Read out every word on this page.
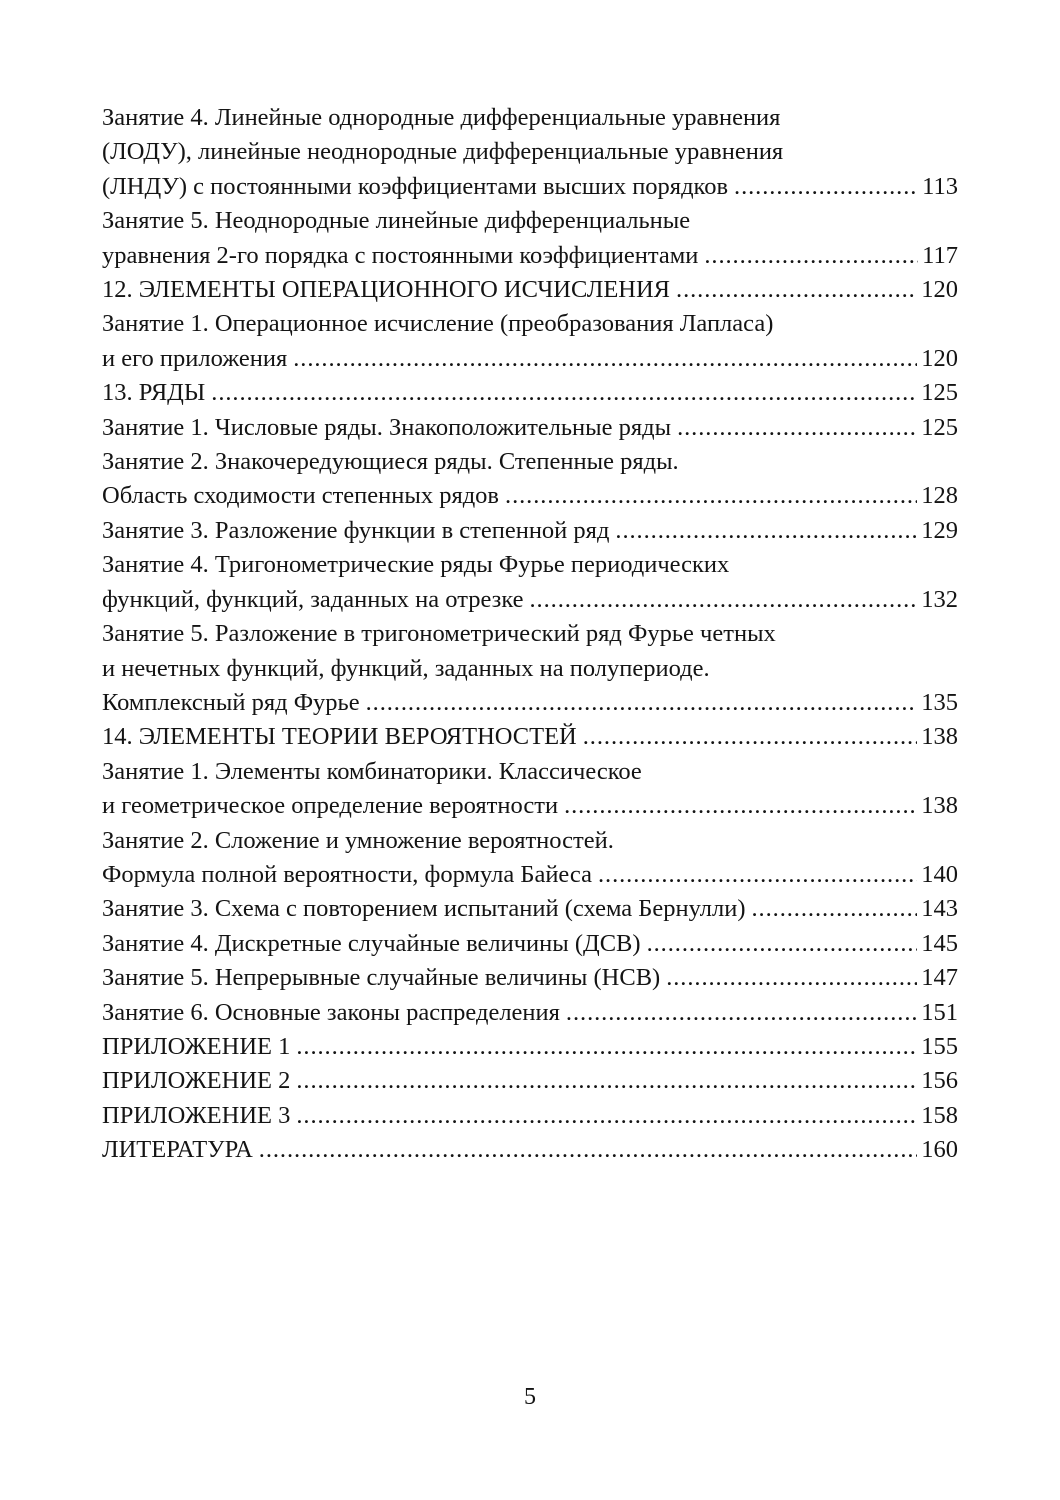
Занятие 4. Линейные однородные дифференциальные уравнения
(ЛОДУ), линейные неоднородные дифференциальные уравнения
(ЛНДУ) с постоянными коэффициентами высших порядков . . .	113
Занятие 5. Неоднородные линейные дифференциальные
уравнения 2-го порядка с постоянными коэффициентами . . .	117
12. ЭЛЕМЕНТЫ ОПЕРАЦИОННОГО ИСЧИСЛЕНИЯ . . .	120
Занятие 1. Операционное исчисление (преобразования Лапласа)
и его приложения . . .	120
13. РЯДЫ . . .	125
Занятие 1. Числовые ряды. Знакоположительные ряды . . .	125
Занятие 2. Знакочередующиеся ряды. Степенные ряды.
Область сходимости степенных рядов . . .	128
Занятие 3. Разложение функции в степенной ряд . . .	129
Занятие 4. Тригонометрические ряды Фурье периодических
функций, функций, заданных на отрезке . . .	132
Занятие 5. Разложение в тригонометрический ряд Фурье четных
и нечетных функций, функций, заданных на полупериоде.
Комплексный ряд Фурье . . .	135
14. ЭЛЕМЕНТЫ ТЕОРИИ ВЕРОЯТНОСТЕЙ . . .	138
Занятие 1. Элементы комбинаторики. Классическое
и геометрическое определение вероятности . . .	138
Занятие 2. Сложение и умножение вероятностей.
Формула полной вероятности, формула Байеса . . .	140
Занятие 3. Схема с повторением испытаний (схема Бернулли) . . .	143
Занятие 4. Дискретные случайные величины (ДСВ) . . .	145
Занятие 5. Непрерывные случайные величины (НСВ) . . .	147
Занятие 6. Основные законы распределения . . .	151
ПРИЛОЖЕНИЕ 1 . . .	155
ПРИЛОЖЕНИЕ 2 . . .	156
ПРИЛОЖЕНИЕ 3 . . .	158
ЛИТЕРАТУРА . . .	160
5
